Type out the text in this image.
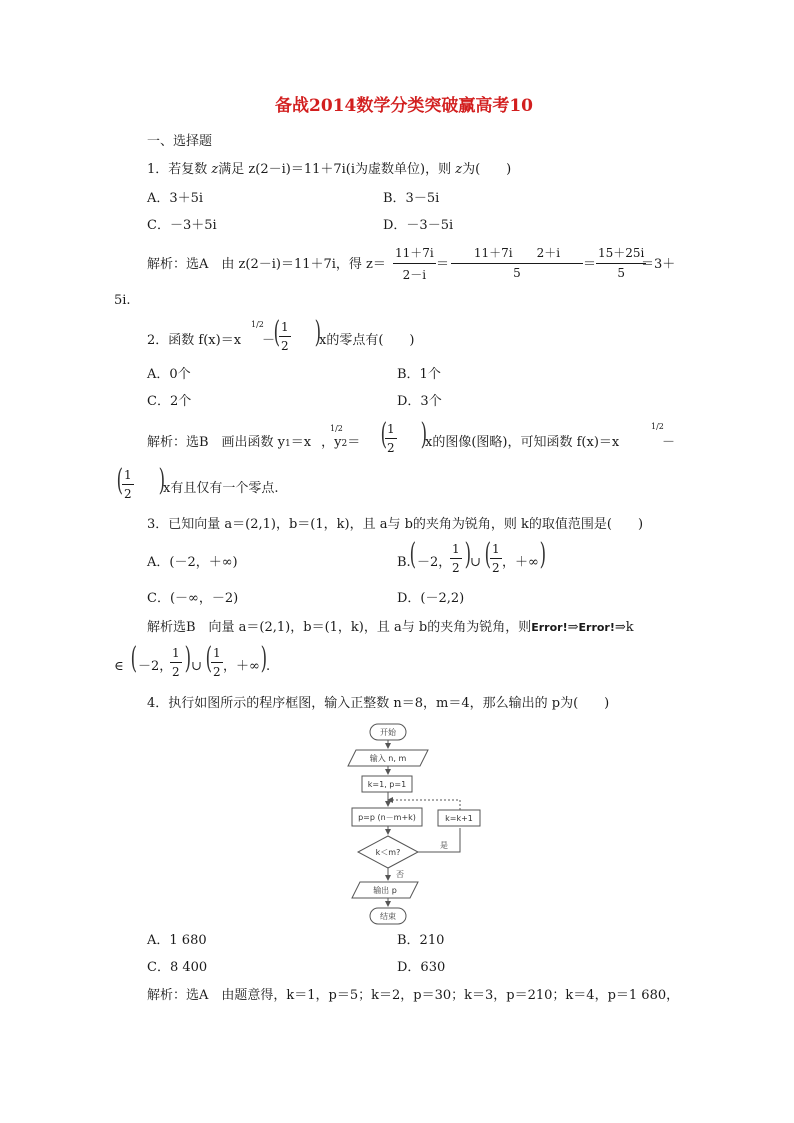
备战2014数学分类突破赢高考10
一、选择题
1．若复数 z满足 z(2－i)＝11＋7i(i为虚数单位)，则 z为(　　)
A．3＋5i	B．3－5i
C．－3＋5i	D．－3－5i
解析：选A　由 z(2－i)＝11＋7i，得 z＝
11＋7i
2－i
＝
11＋7i　　2＋i
5
＝
15＋25i
5
＝3＋
5i.
2．函数 f(x)＝x
1/2
－
( 1
2 )
x的零点有(　　)
A．0个	B．1个
C．2个	D．3个
解析：选B　画出函数 y1＝x ，y2＝
1/2 ( 1
2 )
x的图像(图略)，可知函数 f(x)＝x
1/2
－
( 1
2 )
x有且仅有一个零点.
3．已知向量 a＝(2,1)，b＝(1，k)，且 a与 b的夹角为锐角，则 k的取值范围是(　　)
A．(－2，＋∞)	B.
( －2，
1
2 )
∪ ( 1
2 ，＋∞ )
C．(－∞，－2)	D．(－2,2)
解析选B　向量 a＝(2,1)，b＝(1，k)，且 a与 b的夹角为锐角，则Error!⇒Error!⇒k
∈ ( －2，
1
2 ) ∪ ( 1
2 ，＋∞ )
.
4．执行如图所示的程序框图，输入正整数 n＝8，m＝4，那么输出的 p为(　　)
开始
输入 n, m
k=1, p=1
p=p (n－m+k)	k=k+1
k＜m?
是
否
输出 p
结束
A．1 680	B．210
C．8 400	D．630
解析：选A　由题意得，k＝1，p＝5；k＝2，p＝30；k＝3，p＝210；k＝4，p＝1 680，
